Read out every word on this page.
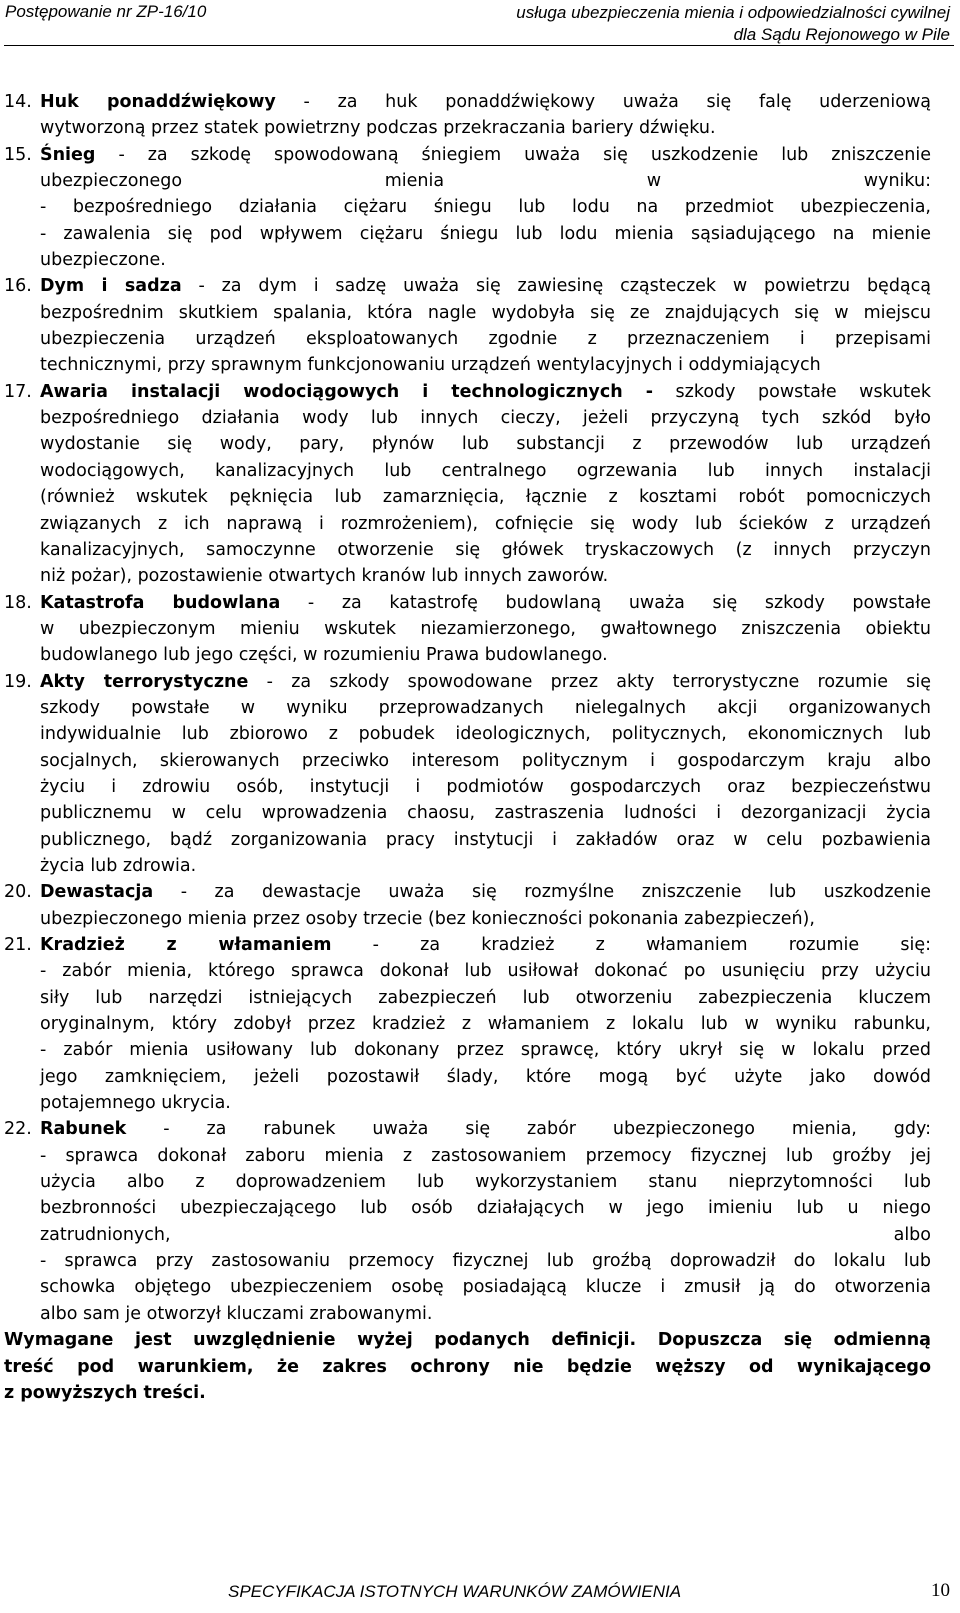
Postępowanie nr ZP-16/10	usługa ubezpieczenia mienia i odpowiedzialności cywilnej
dla Sądu Rejonowego w Pile
14. Huk ponaddźwiękowy - za huk ponaddźwiękowy uważa się falę uderzeniową
wytworzoną przez statek powietrzny podczas przekraczania bariery dźwięku.
15. Śnieg - za szkodę spowodowaną śniegiem uważa się uszkodzenie lub zniszczenie
ubezpieczonego mienia w wyniku:
- bezpośredniego działania ciężaru śniegu lub lodu na przedmiot ubezpieczenia,
- zawalenia się pod wpływem ciężaru śniegu lub lodu mienia sąsiadującego na mienie
ubezpieczone.
16. Dym i sadza - za dym i sadzę uważa się zawiesinę cząsteczek w powietrzu będącą
bezpośrednim skutkiem spalania, która nagle wydobyła się ze znajdujących się w miejscu
ubezpieczenia urządzeń eksploatowanych zgodnie z przeznaczeniem i przepisami
technicznymi, przy sprawnym funkcjonowaniu urządzeń wentylacyjnych i oddymiających
17. Awaria instalacji wodociągowych i technologicznych - szkody powstałe wskutek
bezpośredniego działania wody lub innych cieczy, jeżeli przyczyną tych szkód było
wydostanie się wody, pary, płynów lub substancji z przewodów lub urządzeń
wodociągowych, kanalizacyjnych lub centralnego ogrzewania lub innych instalacji
(również wskutek pęknięcia lub zamarznięcia, łącznie z kosztami robót pomocniczych
związanych z ich naprawą i rozmrożeniem), cofnięcie się wody lub ścieków z urządzeń
kanalizacyjnych, samoczynne otworzenie się główek tryskaczowych (z innych przyczyn
niż pożar), pozostawienie otwartych kranów lub innych zaworów.
18. Katastrofa budowlana - za katastrofę budowlaną uważa się szkody powstałe
w ubezpieczonym mieniu wskutek niezamierzonego, gwałtownego zniszczenia obiektu
budowlanego lub jego części, w rozumieniu Prawa budowlanego.
19. Akty terrorystyczne - za szkody spowodowane przez akty terrorystyczne rozumie się
szkody powstałe w wyniku przeprowadzanych nielegalnych akcji organizowanych
indywidualnie lub zbiorowo z pobudek ideologicznych, politycznych, ekonomicznych lub
socjalnych, skierowanych przeciwko interesom politycznym i gospodarczym kraju albo
życiu i zdrowiu osób, instytucji i podmiotów gospodarczych oraz bezpieczeństwu
publicznemu w celu wprowadzenia chaosu, zastraszenia ludności i dezorganizacji życia
publicznego, bądź zorganizowania pracy instytucji i zakładów oraz w celu pozbawienia
życia lub zdrowia.
20. Dewastacja - za dewastacje uważa się rozmyślne zniszczenie lub uszkodzenie
ubezpieczonego mienia przez osoby trzecie (bez konieczności pokonania zabezpieczeń),
21. Kradzież z włamaniem - za kradzież z włamaniem rozumie się:
- zabór mienia, którego sprawca dokonał lub usiłował dokonać po usunięciu przy użyciu
siły lub narzędzi istniejących zabezpieczeń lub otworzeniu zabezpieczenia kluczem
oryginalnym, który zdobył przez kradzież z włamaniem z lokalu lub w wyniku rabunku,
- zabór mienia usiłowany lub dokonany przez sprawcę, który ukrył się w lokalu przed
jego zamknięciem, jeżeli pozostawił ślady, które mogą być użyte jako dowód
potajemnego ukrycia.
22. Rabunek - za rabunek uważa się zabór ubezpieczonego mienia, gdy:
- sprawca dokonał zaboru mienia z zastosowaniem przemocy fizycznej lub groźby jej
użycia albo z doprowadzeniem lub wykorzystaniem stanu nieprzytomności lub
bezbronności ubezpieczającego lub osób działających w jego imieniu lub u niego
zatrudnionych, albo
- sprawca przy zastosowaniu przemocy fizycznej lub groźbą doprowadził do lokalu lub
schowka objętego ubezpieczeniem osobę posiadającą klucze i zmusił ją do otworzenia
albo sam je otworzył kluczami zrabowanymi.
Wymagane jest uwzględnienie wyżej podanych definicji. Dopuszcza się odmienną
treść pod warunkiem, że zakres ochrony nie będzie węższy od wynikającego
z powyższych treści.
SPECYFIKACJA ISTOTNYCH WARUNKÓW ZAMÓWIENIA	10
